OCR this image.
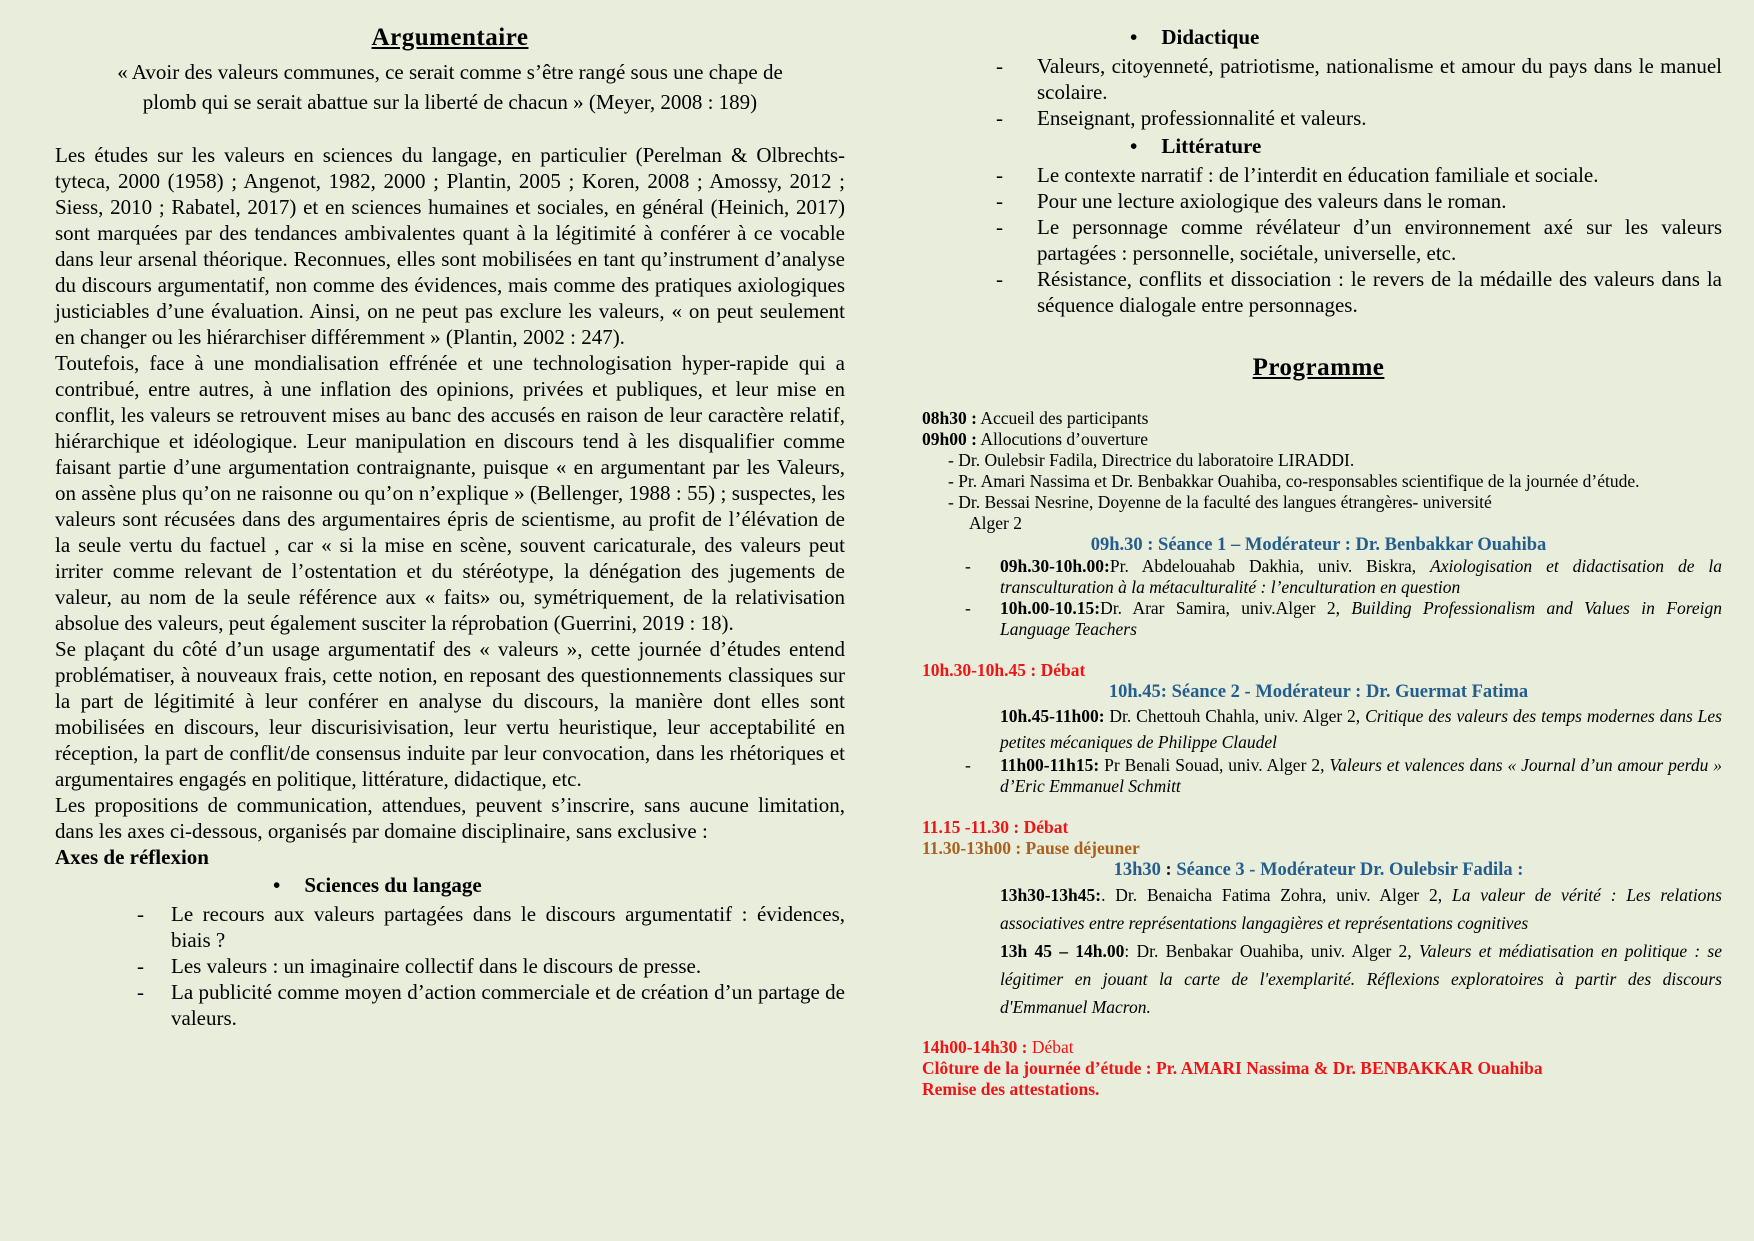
Argumentaire
« Avoir des valeurs communes, ce serait comme s’être rangé sous une chape de
plomb qui se serait abattue sur la liberté de chacun » (Meyer, 2008 : 189)
Les études sur les valeurs en sciences du langage, en particulier (Perelman & Olbrechts-tyteca, 2000 (1958) ; Angenot, 1982, 2000 ; Plantin, 2005 ; Koren, 2008 ; Amossy, 2012 ; Siess, 2010 ; Rabatel, 2017) et en sciences humaines et sociales, en général (Heinich, 2017) sont marquées par des tendances ambivalentes quant à la légitimité à conférer à ce vocable dans leur arsenal théorique. Reconnues, elles sont mobilisées en tant qu’instrument d’analyse du discours argumentatif, non comme des évidences, mais comme des pratiques axiologiques justiciables d’une évaluation. Ainsi, on ne peut pas exclure les valeurs, « on peut seulement en changer ou les hiérarchiser différemment » (Plantin, 2002 : 247).
Toutefois, face à une mondialisation effrénée et une technologisation hyper-rapide qui a contribué, entre autres, à une inflation des opinions, privées et publiques, et leur mise en conflit, les valeurs se retrouvent mises au banc des accusés en raison de leur caractère relatif, hiérarchique et idéologique. Leur manipulation en discours tend à les disqualifier comme faisant partie d’une argumentation contraignante, puisque « en argumentant par les Valeurs, on assène plus qu’on ne raisonne ou qu’on n’explique » (Bellenger, 1988 : 55) ; suspectes, les valeurs sont récusées dans des argumentaires épris de scientisme, au profit de l’élévation de la seule vertu du factuel , car « si la mise en scène, souvent caricaturale, des valeurs peut irriter comme relevant de l’ostentation et du stéréotype, la dénégation des jugements de valeur, au nom de la seule référence aux « faits» ou, symétriquement, de la relativisation absolue des valeurs, peut également susciter la réprobation (Guerrini, 2019 : 18).
Se plaçant du côté d’un usage argumentatif des « valeurs », cette journée d’études entend problématiser, à nouveaux frais, cette notion, en reposant des questionnements classiques sur la part de légitimité à leur conférer en analyse du discours, la manière dont elles sont mobilisées en discours, leur discurisivisation, leur vertu heuristique, leur acceptabilité en réception, la part de conflit/de consensus induite par leur convocation, dans les rhétoriques et argumentaires engagés en politique, littérature, didactique, etc.
Les propositions de communication, attendues, peuvent s’inscrire, sans aucune limitation, dans les axes ci-dessous, organisés par domaine disciplinaire, sans exclusive :
Axes de réflexion
• Sciences du langage
- Le recours aux valeurs partagées dans le discours argumentatif : évidences, biais ?
- Les valeurs : un imaginaire collectif dans le discours de presse.
- La publicité comme moyen d’action commerciale et de création d’un partage de valeurs.
• Didactique
- Valeurs, citoyenneté, patriotisme, nationalisme et amour du pays dans le manuel scolaire.
- Enseignant, professionnalité et valeurs.
• Littérature
- Le contexte narratif : de l’interdit en éducation familiale et sociale.
- Pour une lecture axiologique des valeurs dans le roman.
- Le personnage comme révélateur d’un environnement axé sur les valeurs partagées : personnelle, sociétale, universelle, etc.
- Résistance, conflits et dissociation : le revers de la médaille des valeurs dans la séquence dialogale entre personnages.
Programme
08h30 : Accueil des participants
09h00 : Allocutions d’ouverture
- Dr. Oulebsir Fadila, Directrice du laboratoire LIRADDI.
- Pr. Amari Nassima et Dr. Benbakkar Ouahiba, co-responsables scientifique de la journée d’étude.
- Dr. Bessai Nesrine, Doyenne de la faculté des langues étrangères- université
Alger 2
09h.30 : Séance 1 – Modérateur : Dr. Benbakkar Ouahiba
- 09h.30-10h.00:Pr. Abdelouahab Dakhia, univ. Biskra, Axiologisation et didactisation de la transculturation à la métaculturalité : l’enculturation en question
- 10h.00-10.15:Dr. Arar Samira, univ.Alger 2, Building Professionalism and Values in Foreign Language Teachers
10h.30-10h.45 : Débat
10h.45: Séance 2 - Modérateur : Dr. Guermat Fatima
10h.45-11h00: Dr. Chettouh Chahla, univ. Alger 2, Critique des valeurs des temps modernes dans Les petites mécaniques de Philippe Claudel
- 11h00-11h15: Pr Benali Souad, univ. Alger 2, Valeurs et valences dans « Journal d’un amour perdu » d’Eric Emmanuel Schmitt
11.15 -11.30 : Débat
11.30-13h00 : Pause déjeuner
13h30 : Séance 3 - Modérateur Dr. Oulebsir Fadila :
13h30-13h45:. Dr. Benaicha Fatima Zohra, univ. Alger 2, La valeur de vérité : Les relations associatives entre représentations langagières et représentations cognitives
13h 45 – 14h.00: Dr. Benbakar Ouahiba, univ. Alger 2, Valeurs et médiatisation en politique : se légitimer en jouant la carte de l'exemplarité. Réflexions exploratoires à partir des discours d'Emmanuel Macron.
14h00-14h30 : Débat
Clôture de la journée d’étude : Pr. AMARI Nassima & Dr. BENBAKKAR Ouahiba
Remise des attestations.
